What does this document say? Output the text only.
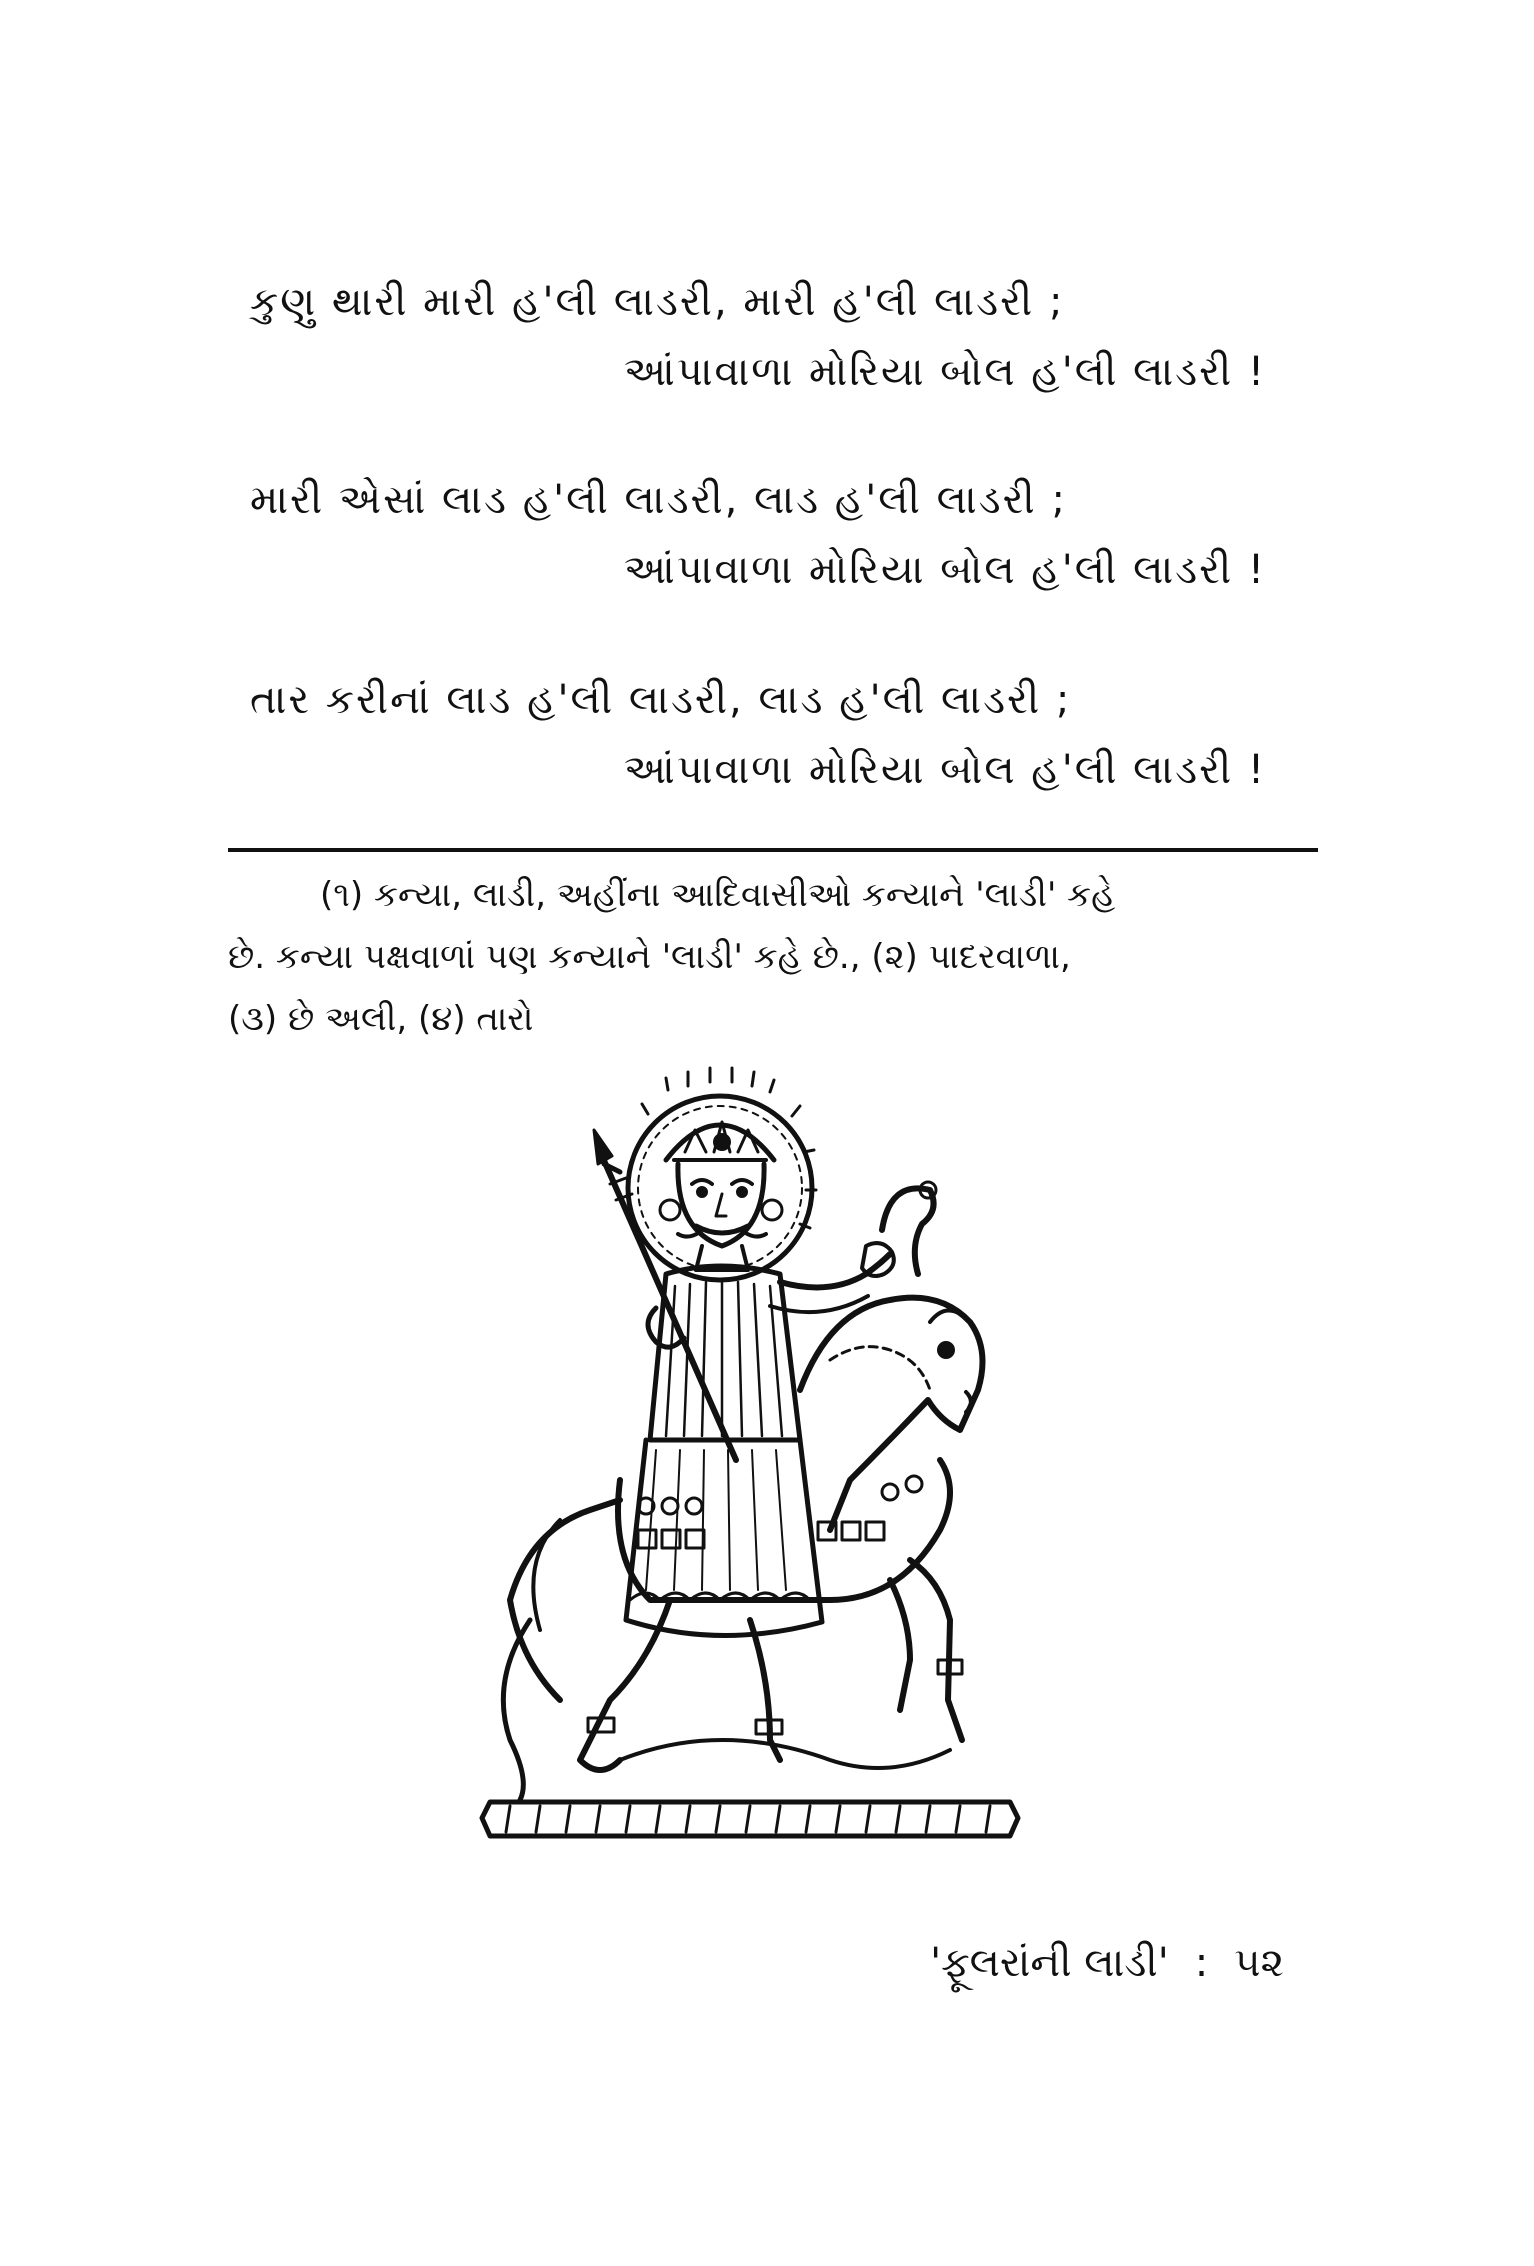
કુણુ થારી મારી હ'લી લાડરી, મારી હ'લી લાડરી ;
આંપાવાળા મોરિયા બોલ હ'લી લાડરી !
મારી એસાં લાડ હ'લી લાડરી, લાડ હ'લી લાડરી ;
આંપાવાળા મોરિયા બોલ હ'લી લાડરી !
તાર કરીનાં લાડ હ'લી લાડરી, લાડ હ'લી લાડરી ;
આંપાવાળા મોરિયા બોલ હ'લી લાડરી !
(૧) કન્યા, લાડી, અહીંના આદિવાસીઓ કન્યાને 'લાડી' કહે
છે. કન્યા પક્ષવાળાં પણ કન્યાને 'લાડી' કહે છે., (૨) પાદરવાળા,
(૩) છે અલી, (૪) તારો
'ફૂલરાંની લાડી' : ૫૨
